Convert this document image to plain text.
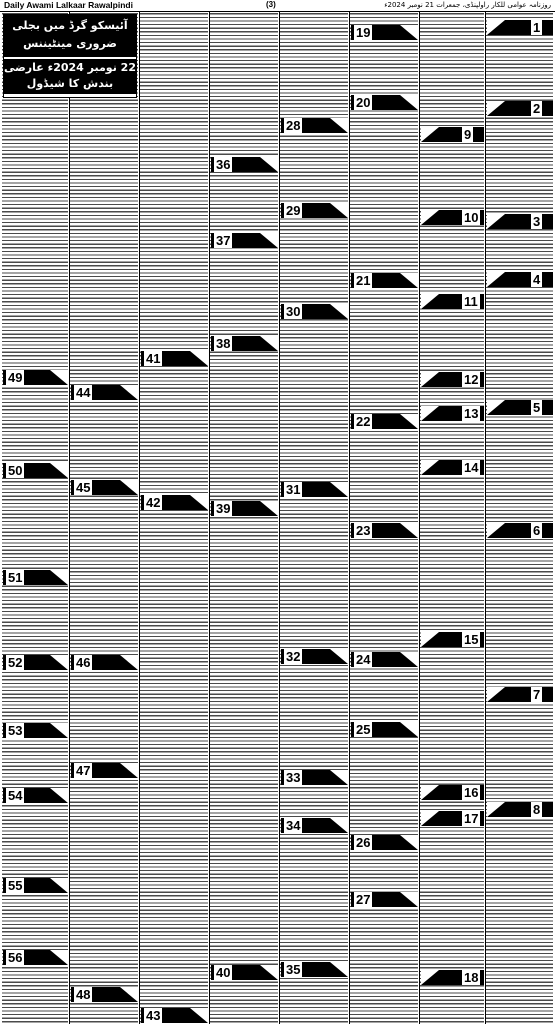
Daily Awami Lalkaar Rawalpindi	(3)	روزنامہ عوامی للکار راولپنڈی، جمعرات 21 نومبر 2024ء
آئیسکو گرڈ میں بجلی ضروری مینٹیننس
22 نومبر 2024ء عارضی بندش کا شیڈول
1
2
3
4
5
6
7
8
9
10
11
12
13
14
15
16
17
18
19
20
21
22
23
24
25
26
27
28
29
30
31
32
33
34
35
36
37
38
39
40
41
42
43
44
45
46
47
48
49
50
51
52
53
54
55
56
